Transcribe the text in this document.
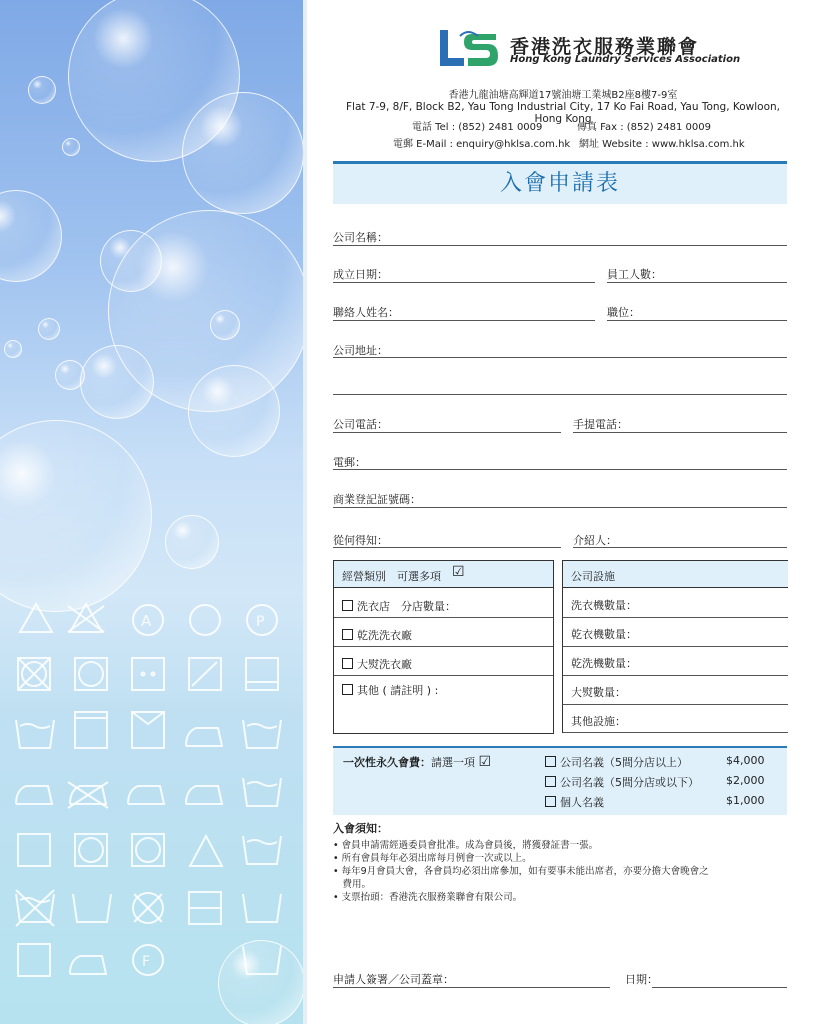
A	P
F
香港洗衣服務業聯會
Hong Kong Laundry Services Association
香港九龍油塘高輝道17號油塘工業城B2座8樓7-9室
Flat 7-9, 8/F, Block B2, Yau Tong Industrial City, 17 Ko Fai Road, Yau Tong, Kowloon, Hong Kong
電話 Tel : (852) 2481 0009	傳真 Fax : (852) 2481 0009
電郵 E-Mail : enquiry@hklsa.com.hk 網址 Website : www.hklsa.com.hk
入會申請表
公司名稱：
成立日期：	員工人數：
聯絡人姓名：	職位：
公司地址：
公司電話：	手提電話：
電郵：
商業登記証號碼：
從何得知：	介紹人：
經營類別　可選多項 ☑
洗衣店　分店數量：
乾洗洗衣廠
大熨洗衣廠
其他 ( 請註明 ) :
公司設施
洗衣機數量：
乾衣機數量：
乾洗機數量：
大熨數量：
其他設施：
一次性永久會費：請選一項 ☑	公司名義（5間分店以上）	$4,000
公司名義（5間分店或以下） $2,000
個人名義	$1,000
入會須知：
• 會員申請需經過委員會批准。成為會員後，將獲發証書一張。
• 所有會員每年必須出席每月例會一次或以上。
• 每年9月會員大會，各會員均必須出席參加，如有要事未能出席者，亦要分擔大會晚會之
　費用。
• 支票抬頭：香港洗衣服務業聯會有限公司。
申請人簽署／公司蓋章：	日期：
